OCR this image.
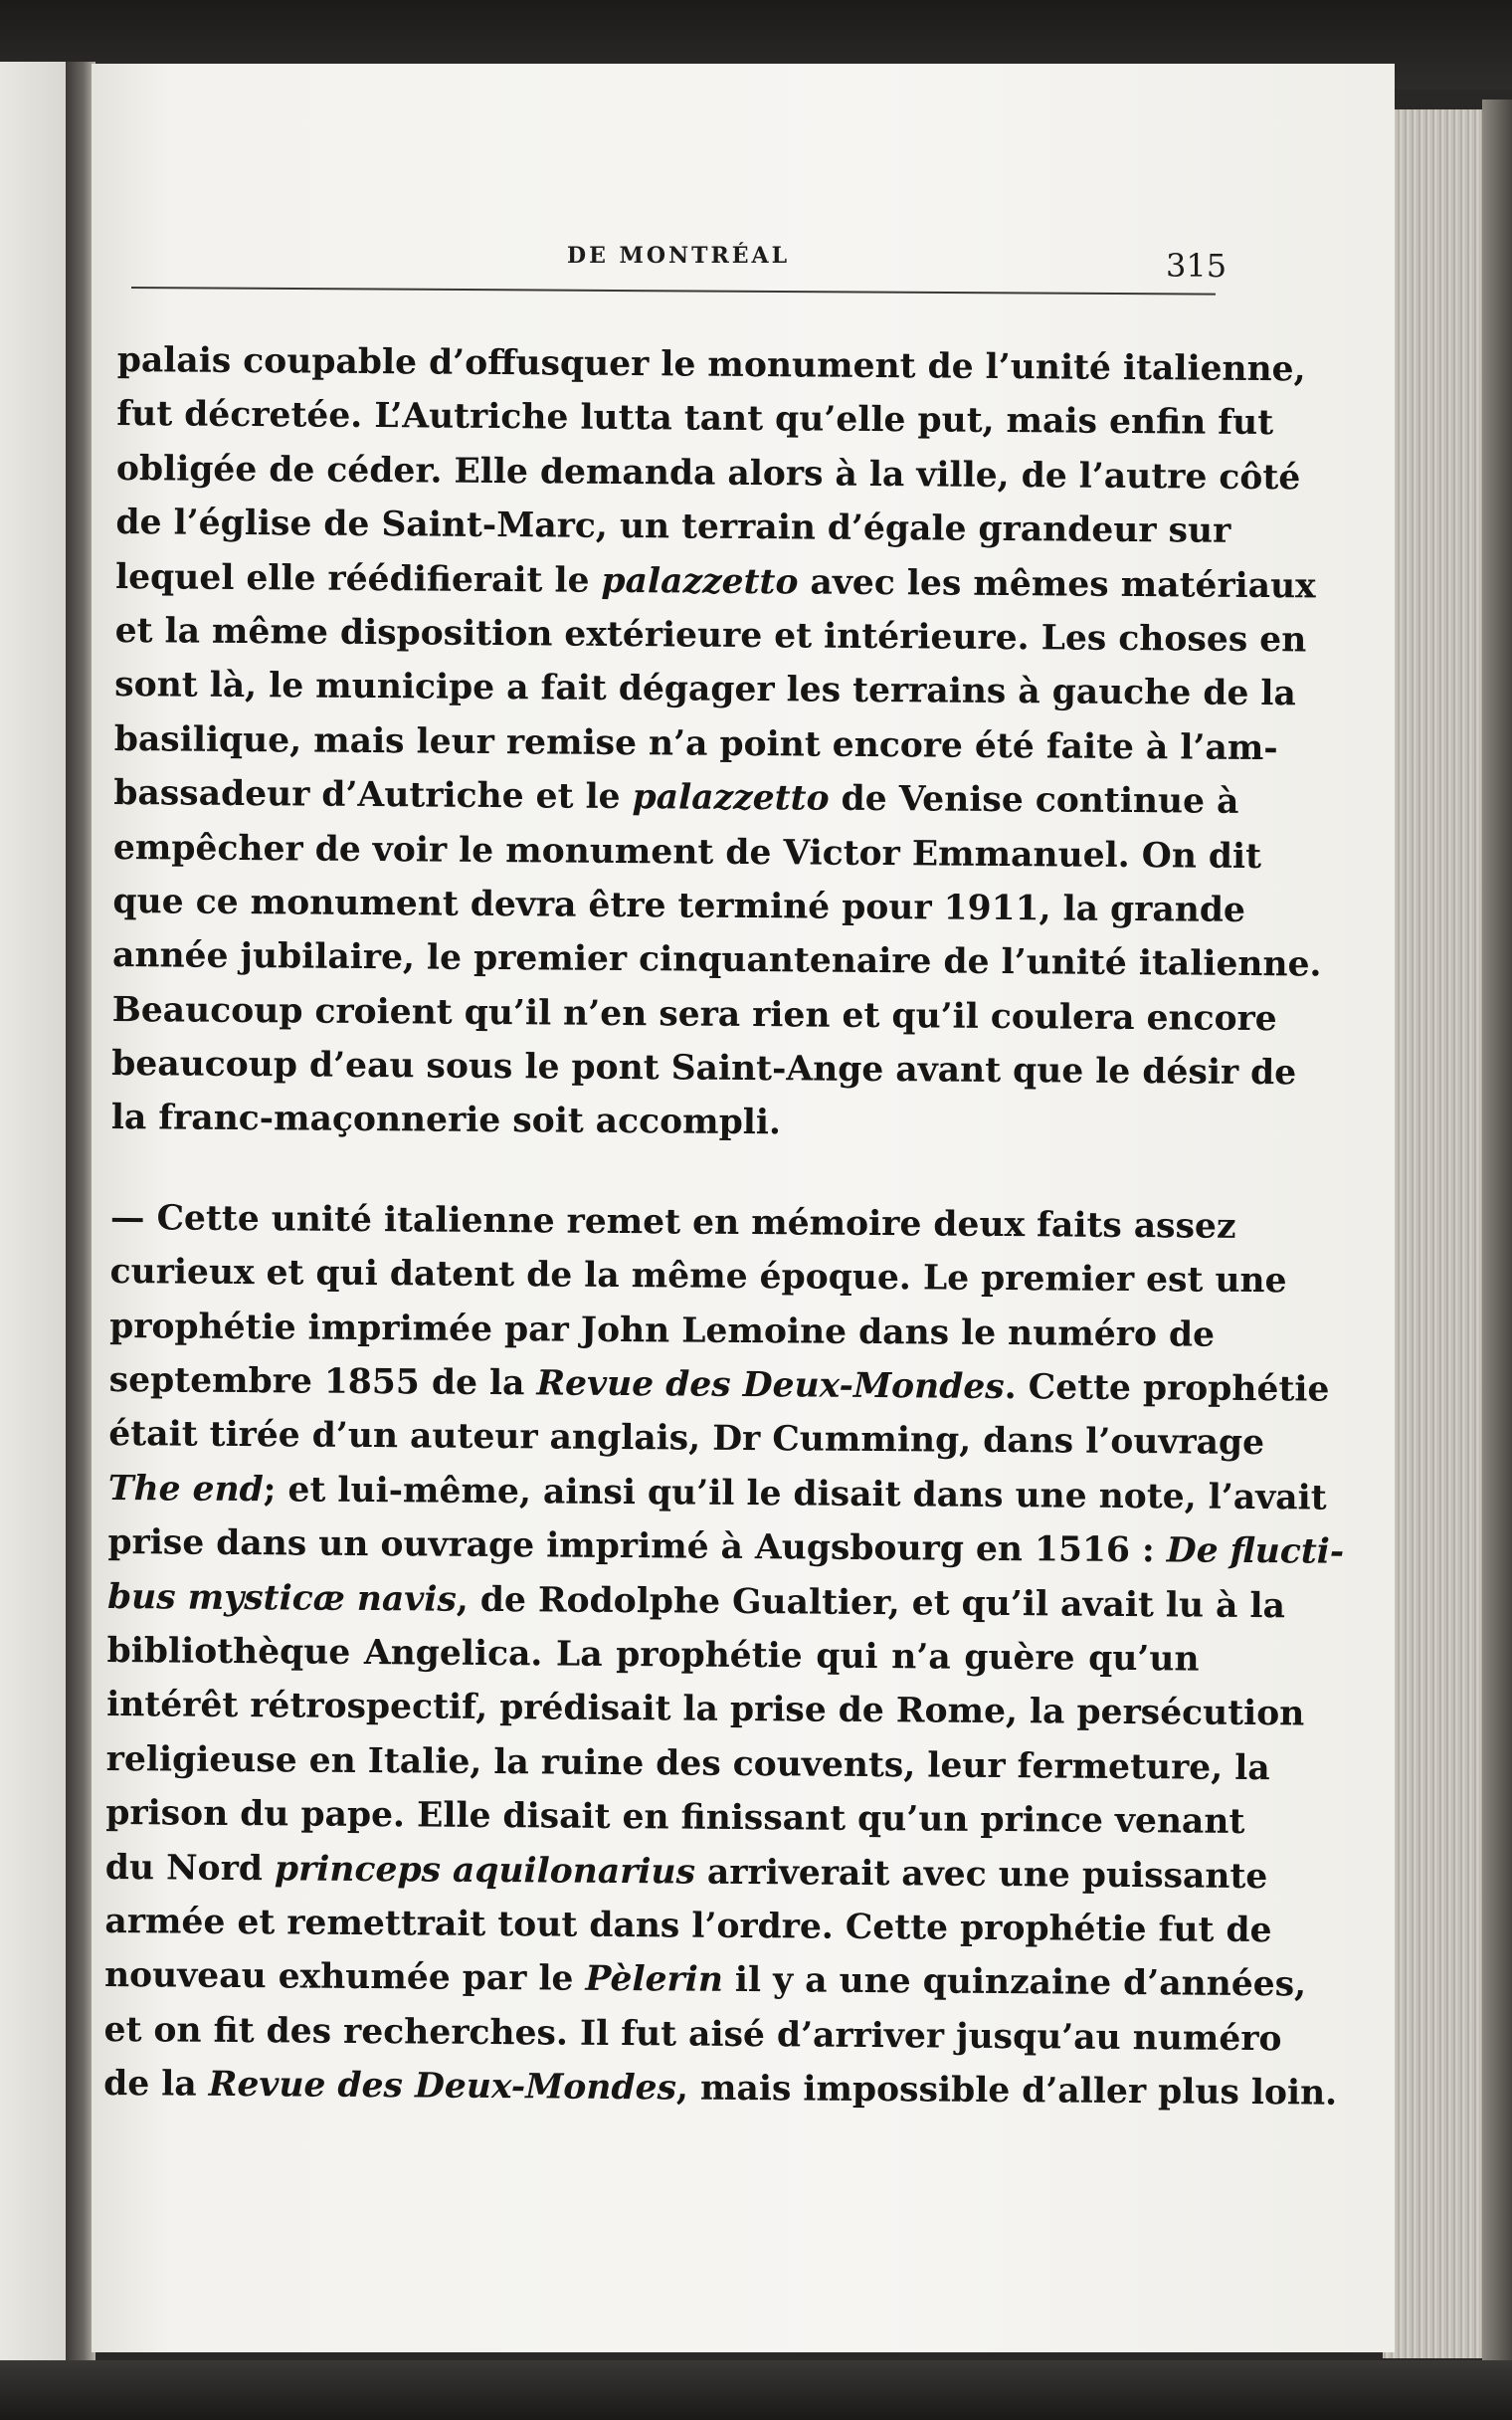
DE MONTRÉAL	315
palais coupable d’offusquer le monument de l’unité italienne,
fut décretée. L’Autriche lutta tant qu’elle put, mais enfin fut
obligée de céder. Elle demanda alors à la ville, de l’autre côté
de l’église de Saint-Marc, un terrain d’égale grandeur sur
lequel elle réédifierait le palazzetto avec les mêmes matériaux
et la même disposition extérieure et intérieure. Les choses en
sont là, le municipe a fait dégager les terrains à gauche de la
basilique, mais leur remise n’a point encore été faite à l’am-
bassadeur d’Autriche et le palazzetto de Venise continue à
empêcher de voir le monument de Victor Emmanuel. On dit
que ce monument devra être terminé pour 1911, la grande
année jubilaire, le premier cinquantenaire de l’unité italienne.
Beaucoup croient qu’il n’en sera rien et qu’il coulera encore
beaucoup d’eau sous le pont Saint-Ange avant que le désir de
la franc-maçonnerie soit accompli.
— Cette unité italienne remet en mémoire deux faits assez
curieux et qui datent de la même époque. Le premier est une
prophétie imprimée par John Lemoine dans le numéro de
septembre 1855 de la Revue des Deux-Mondes. Cette prophétie
était tirée d’un auteur anglais, Dr Cumming, dans l’ouvrage
The end; et lui-même, ainsi qu’il le disait dans une note, l’avait
prise dans un ouvrage imprimé à Augsbourg en 1516 : De flucti-
bus mysticæ navis, de Rodolphe Gualtier, et qu’il avait lu à la
bibliothèque Angelica. La prophétie qui n’a guère qu’un
intérêt rétrospectif, prédisait la prise de Rome, la persécution
religieuse en Italie, la ruine des couvents, leur fermeture, la
prison du pape. Elle disait en finissant qu’un prince venant
du Nord princeps aquilonarius arriverait avec une puissante
armée et remettrait tout dans l’ordre. Cette prophétie fut de
nouveau exhumée par le Pèlerin il y a une quinzaine d’années,
et on fit des recherches. Il fut aisé d’arriver jusqu’au numéro
de la Revue des Deux-Mondes, mais impossible d’aller plus loin.
